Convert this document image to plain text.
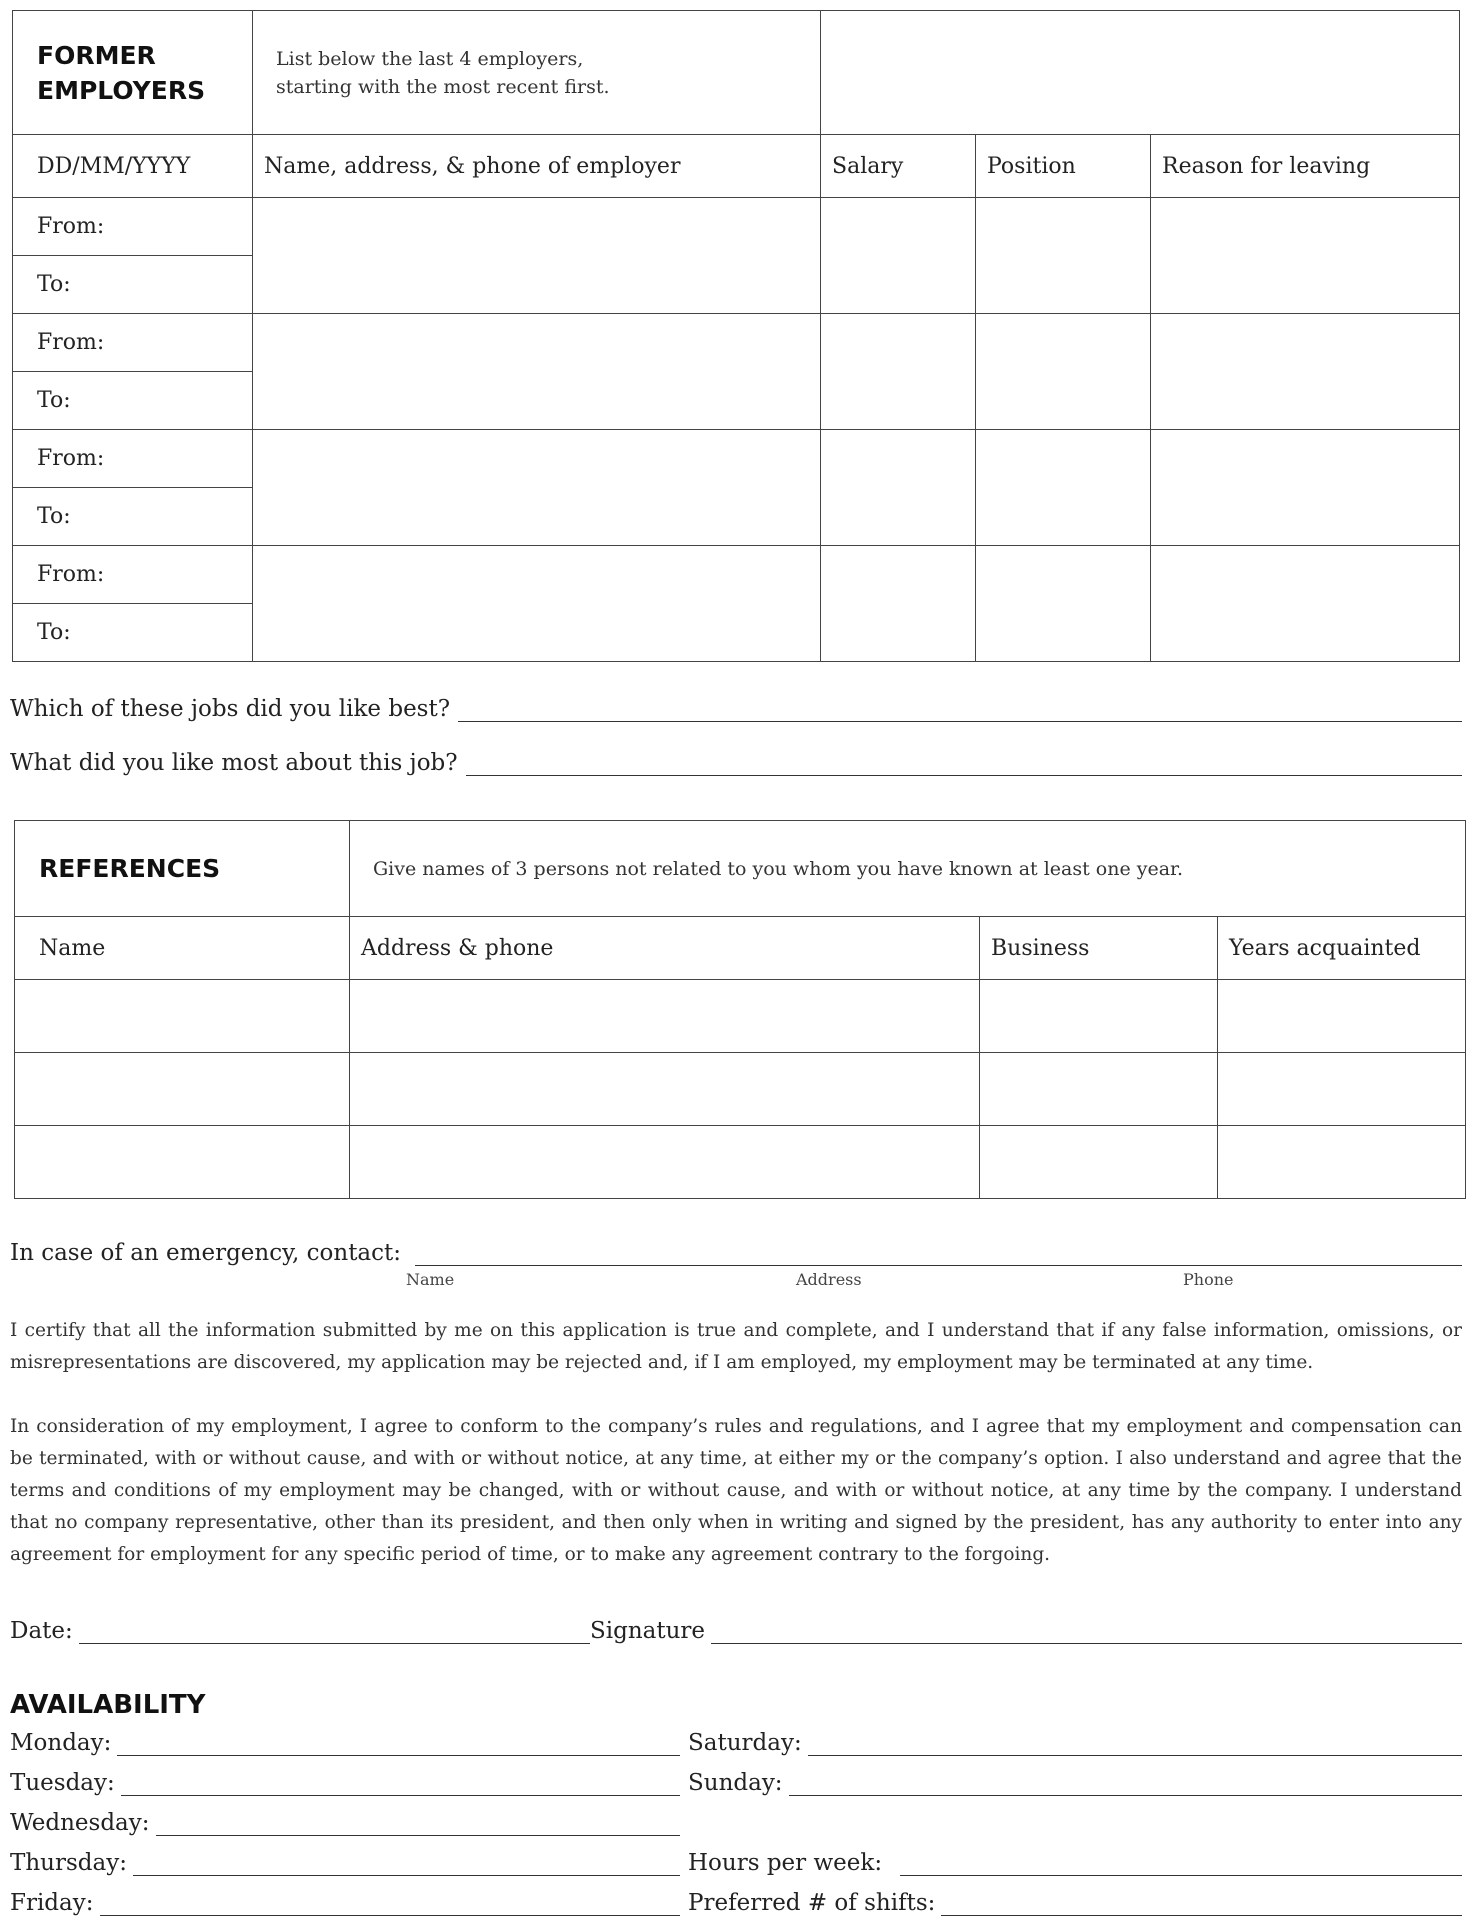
FORMER EMPLOYERS	List below the last 4 employers, starting with the most recent first.			

DD/MM/YYYY	Name, address, & phone of employer	Salary	Position	Reason for leaving
From:				
To:				
From:				
To:				
From:				
To:				
From:				
To:				
Which of these jobs did you like best?
What did you like most about this job?
REFERENCES	Give names of 3 persons not related to you whom you have known at least one year.		

Name	Address & phone	Business	Years acquainted

In case of an emergency, contact:
Name	Address	Phone
I certify that all the information submitted by me on this application is true and complete, and I understand that if any false information, omissions, or misrepresentations are discovered, my application may be rejected and, if I am employed, my employment may be terminated at any time.
In consideration of my employment, I agree to conform to the company’s rules and regulations, and I agree that my employment and compensation can be terminated, with or without cause, and with or without notice, at any time, at either my or the company’s option. I also understand and agree that the terms and conditions of my employment may be changed, with or without cause, and with or without notice, at any time by the company. I understand that no company representative, other than its president, and then only when in writing and signed by the president, has any authority to enter into any agreement for employment for any specific period of time, or to make any agreement contrary to the forgoing.
Date:	Signature
AVAILABILITY
Monday:	Saturday:
Tuesday:	Sunday:
Wednesday:
Thursday:	Hours per week:
Friday:	Preferred # of shifts:
